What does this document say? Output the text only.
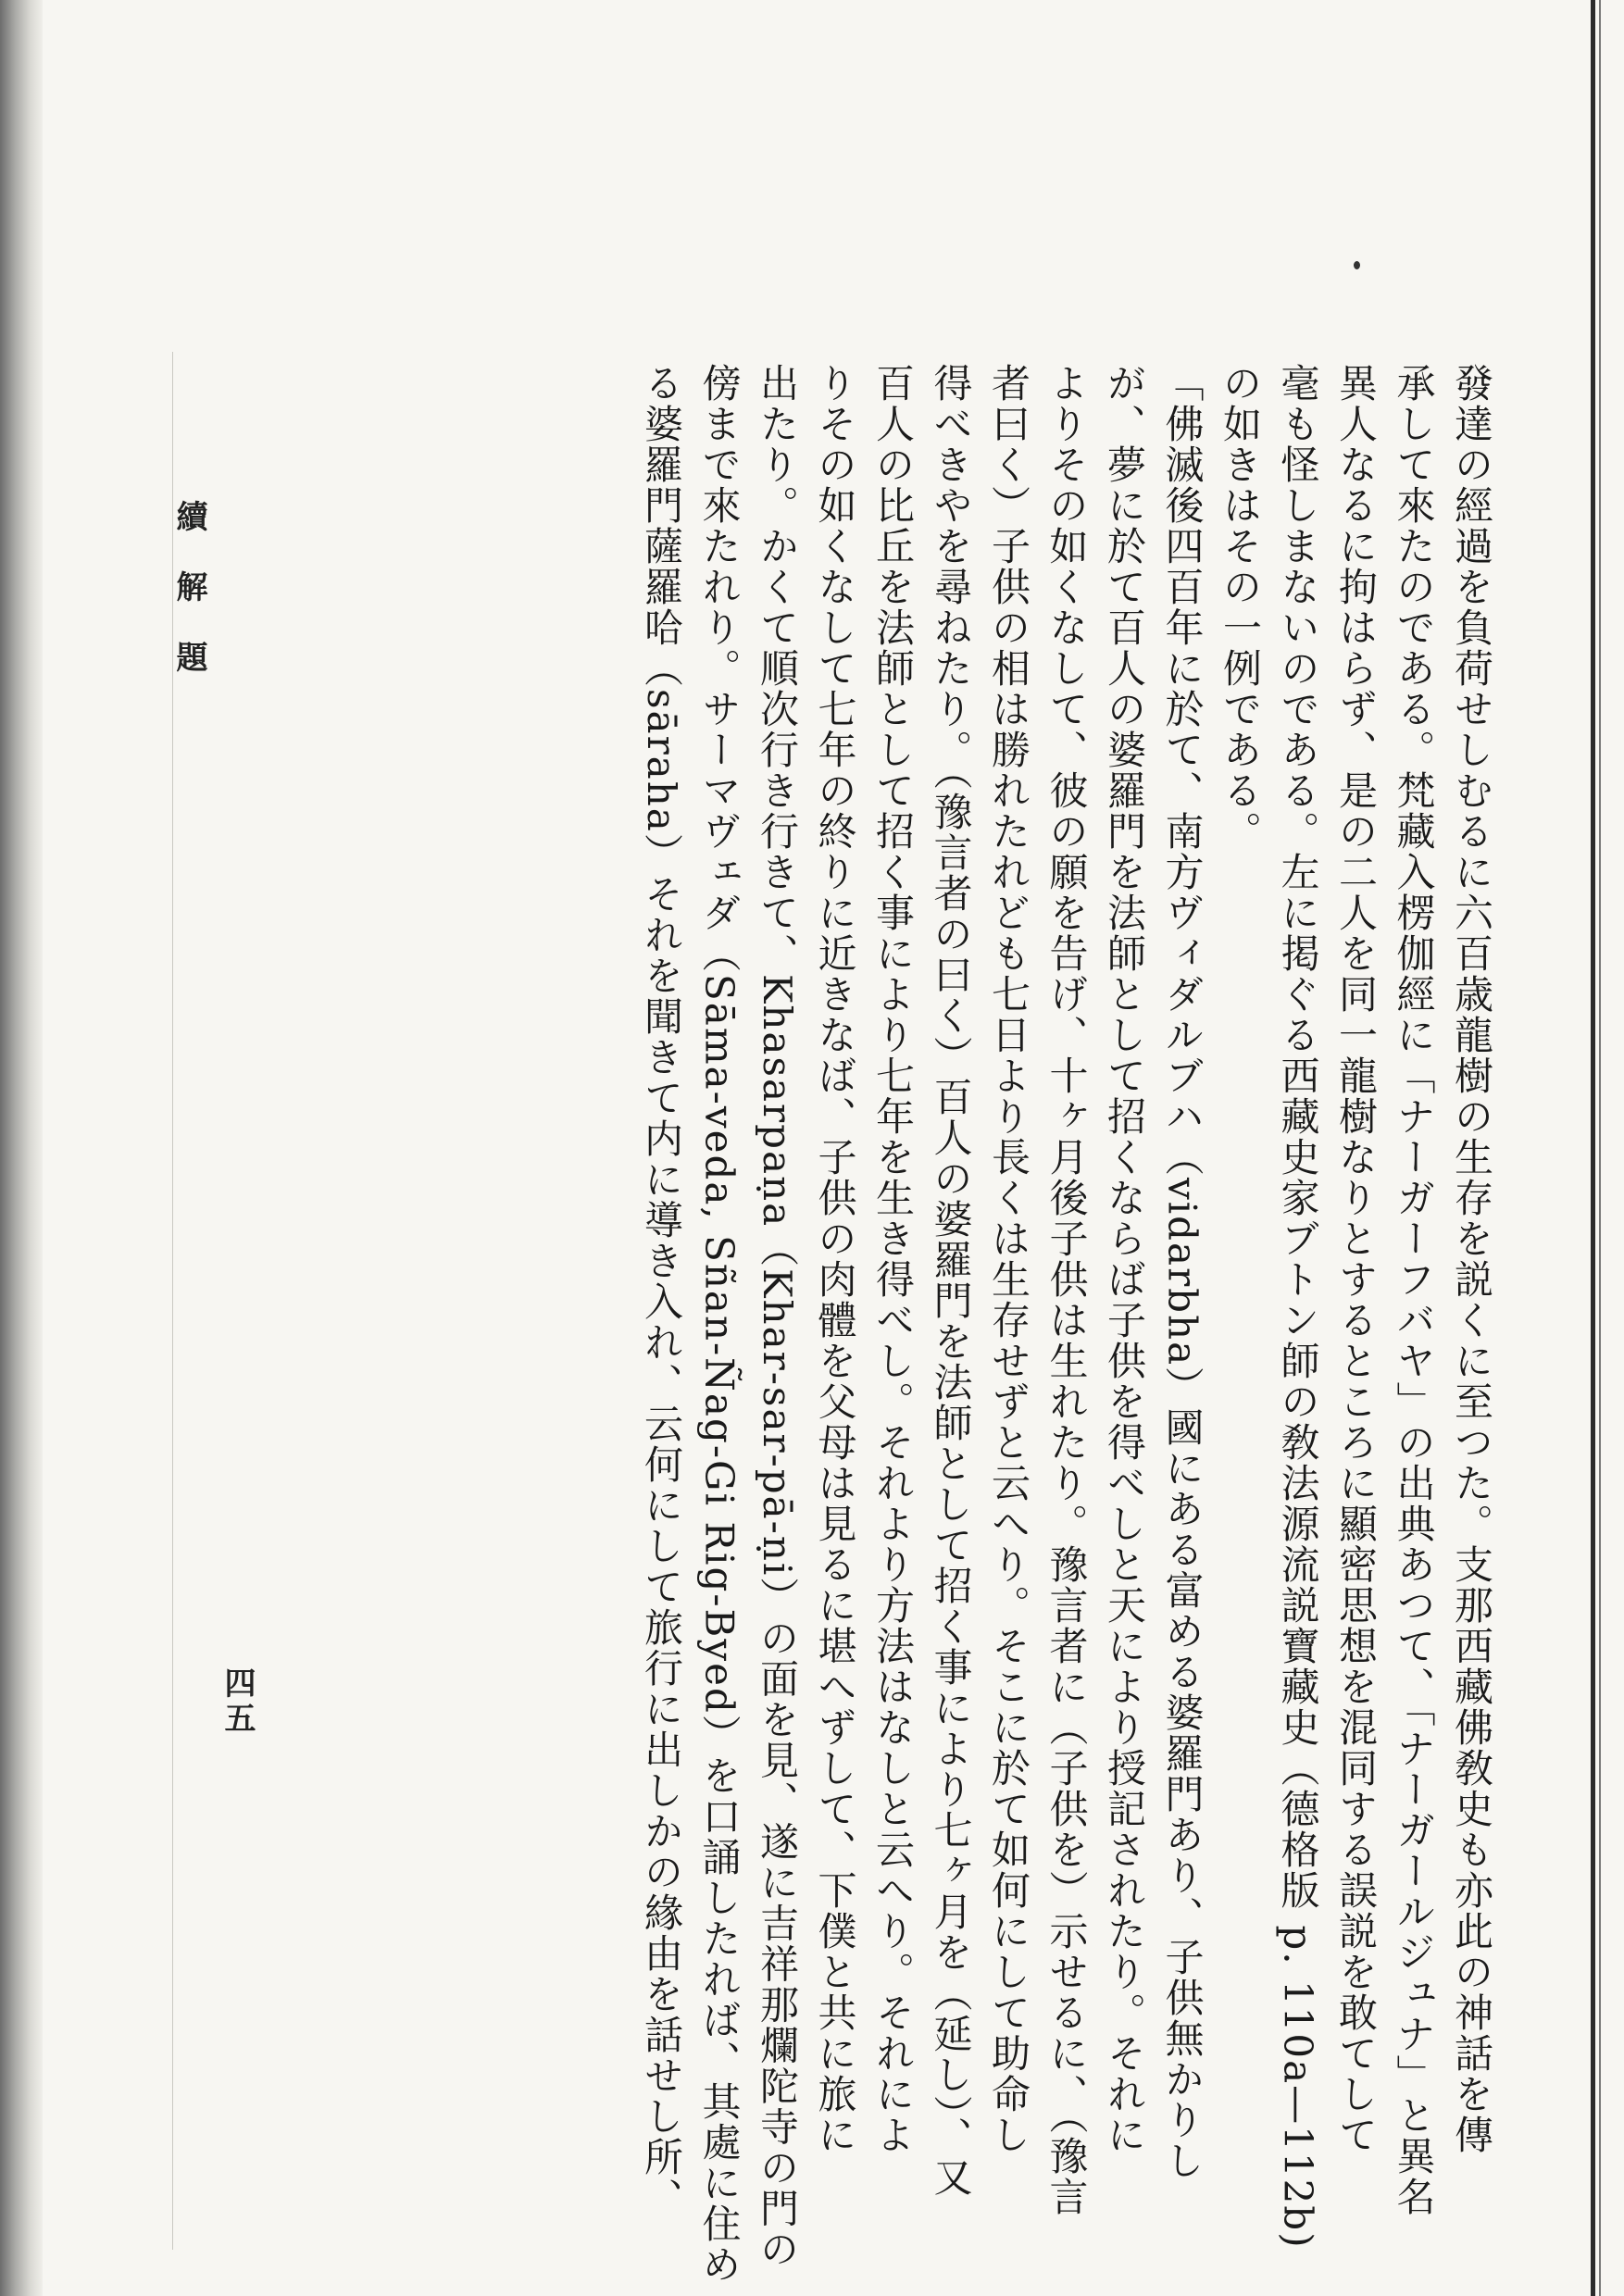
發達の經過を負荷せしむるに六百歳龍樹の生存を説くに至つた。支那西藏佛敎史も亦此の神話を傳
承して來たのである。梵藏入楞伽經に「ナーガーフバヤ」の出典あつて、「ナーガールジュナ」と異名
異人なるに拘はらず、是の二人を同一龍樹なりとするところに顯密思想を混同する誤説を敢てして
毫も怪しまないのである。左に掲ぐる西藏史家ブトン師の敎法源流説寶藏史（德格版 p. 110a—112b)
の如きはその一例である。
「佛滅後四百年に於て、南方ヴィダルブハ（vidarbha）國にある富める婆羅門あり、子供無かりし
が、夢に於て百人の婆羅門を法師として招くならば子供を得べしと天により授記されたり。それに
よりその如くなして、彼の願を告げ、十ヶ月後子供は生れたり。豫言者に（子供を）示せるに、（豫言
者曰く）子供の相は勝れたれども七日より長くは生存せずと云へり。そこに於て如何にして助命し
得べきやを尋ねたり。（豫言者の曰く）百人の婆羅門を法師として招く事により七ヶ月を（延し）、又
百人の比丘を法師として招く事により七年を生き得べし。それより方法はなしと云へり。それによ
りその如くなして七年の終りに近きなば、子供の肉體を父母は見るに堪へずして、下僕と共に旅に
出たり。かくて順次行き行きて、Khasarpaṇa（Khar-sar-pā-ṇi）の面を見、遂に吉祥那爛陀寺の門の
傍まで來たれり。サーマヴェダ（Sāma-veda, Sñan-Ñag-Gi Rig-Byed）を口誦したれば、其處に住め
る婆羅門薩羅哈（sāraha）それを聞きて内に導き入れ、云何にして旅行に出しかの緣由を話せし所、
續解題
四五
